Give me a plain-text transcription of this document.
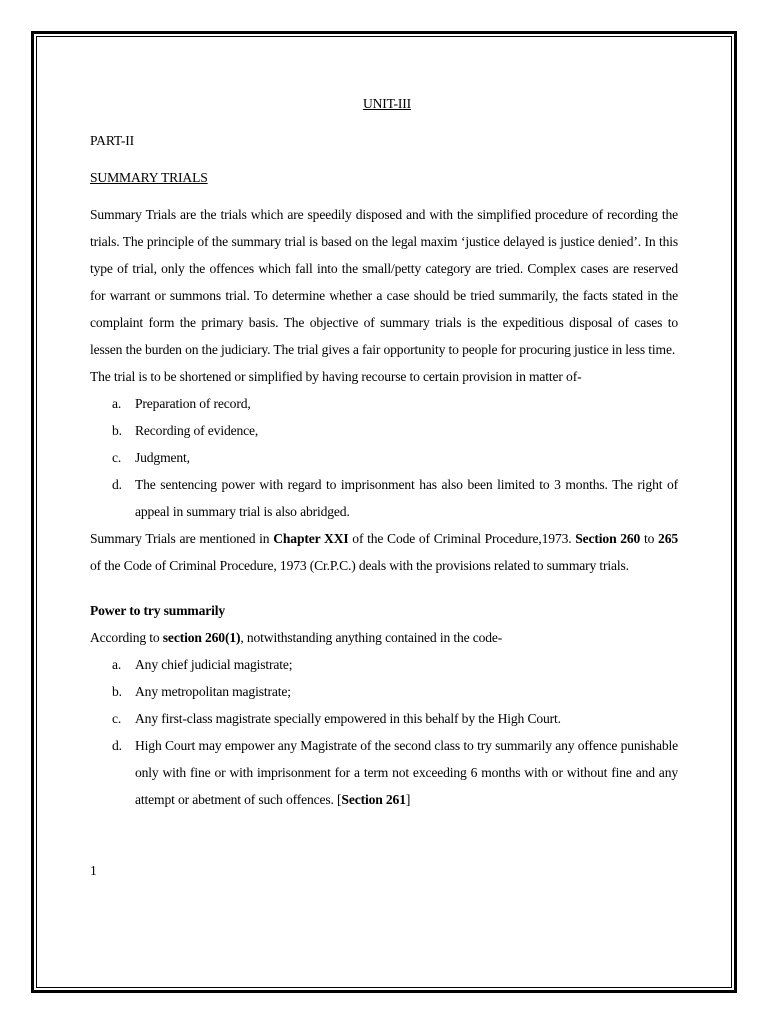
UNIT-III
PART-II
SUMMARY TRIALS
Summary Trials are the trials which are speedily disposed and with the simplified procedure of recording the trials. The principle of the summary trial is based on the legal maxim ‘justice delayed is justice denied’. In this type of trial, only the offences which fall into the small/petty category are tried. Complex cases are reserved for warrant or summons trial. To determine whether a case should be tried summarily, the facts stated in the complaint form the primary basis. The objective of summary trials is the expeditious disposal of cases to lessen the burden on the judiciary. The trial gives a fair opportunity to people for procuring justice in less time.
The trial is to be shortened or simplified by having recourse to certain provision in matter of-
a. Preparation of record,
b. Recording of evidence,
c. Judgment,
d. The sentencing power with regard to imprisonment has also been limited to 3 months. The right of appeal in summary trial is also abridged.
Summary Trials are mentioned in Chapter XXI of the Code of Criminal Procedure,1973. Section 260 to 265 of the Code of Criminal Procedure, 1973 (Cr.P.C.) deals with the provisions related to summary trials.
Power to try summarily
According to section 260(1), notwithstanding anything contained in the code-
a. Any chief judicial magistrate;
b. Any metropolitan magistrate;
c. Any first-class magistrate specially empowered in this behalf by the High Court.
d. High Court may empower any Magistrate of the second class to try summarily any offence punishable only with fine or with imprisonment for a term not exceeding 6 months with or without fine and any attempt or abetment of such offences. [Section 261]
1
